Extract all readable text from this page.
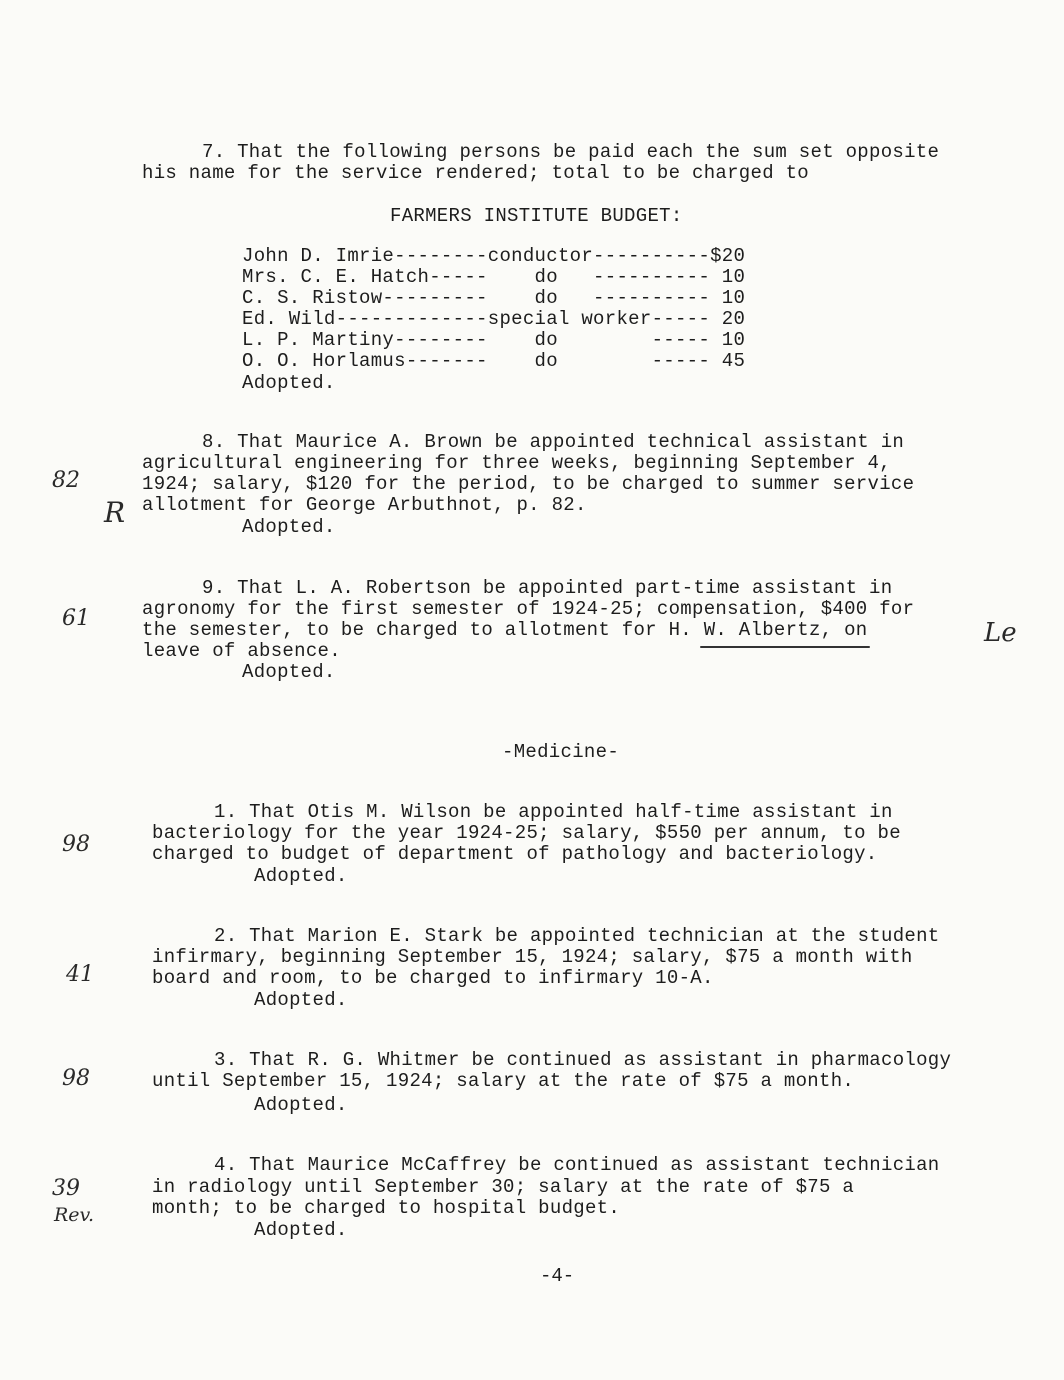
7. That the following persons be paid each the sum set opposite
his name for the service rendered; total to be charged to
FARMERS INSTITUTE BUDGET:
John D. Imrie--------conductor----------$20
Mrs. C. E. Hatch-----    do   ---------- 10
C. S. Ristow---------    do   ---------- 10
Ed. Wild-------------special worker----- 20
L. P. Martiny--------    do        ----- 10
O. O. Horlamus-------    do        ----- 45
Adopted.
8. That Maurice A. Brown be appointed technical assistant in
agricultural engineering for three weeks, beginning September 4,
1924; salary, $120 for the period, to be charged to summer service
allotment for George Arbuthnot, p. 82.
Adopted.
9. That L. A. Robertson be appointed part-time assistant in
agronomy for the first semester of 1924-25; compensation, $400 for
the semester, to be charged to allotment for H. W. Albertz, on
leave of absence.
Adopted.
-Medicine-
1. That Otis M. Wilson be appointed half-time assistant in
bacteriology for the year 1924-25; salary, $550 per annum, to be
charged to budget of department of pathology and bacteriology.
Adopted.
2. That Marion E. Stark be appointed technician at the student
infirmary, beginning September 15, 1924; salary, $75 a month with
board and room, to be charged to infirmary 10-A.
Adopted.
3. That R. G. Whitmer be continued as assistant in pharmacology
until September 15, 1924; salary at the rate of $75 a month.
Adopted.
4. That Maurice McCaffrey be continued as assistant technician
in radiology until September 30; salary at the rate of $75 a
month; to be charged to hospital budget.
Adopted.
82
R
61	Le
98
41
98
39
Rev.
-4-
